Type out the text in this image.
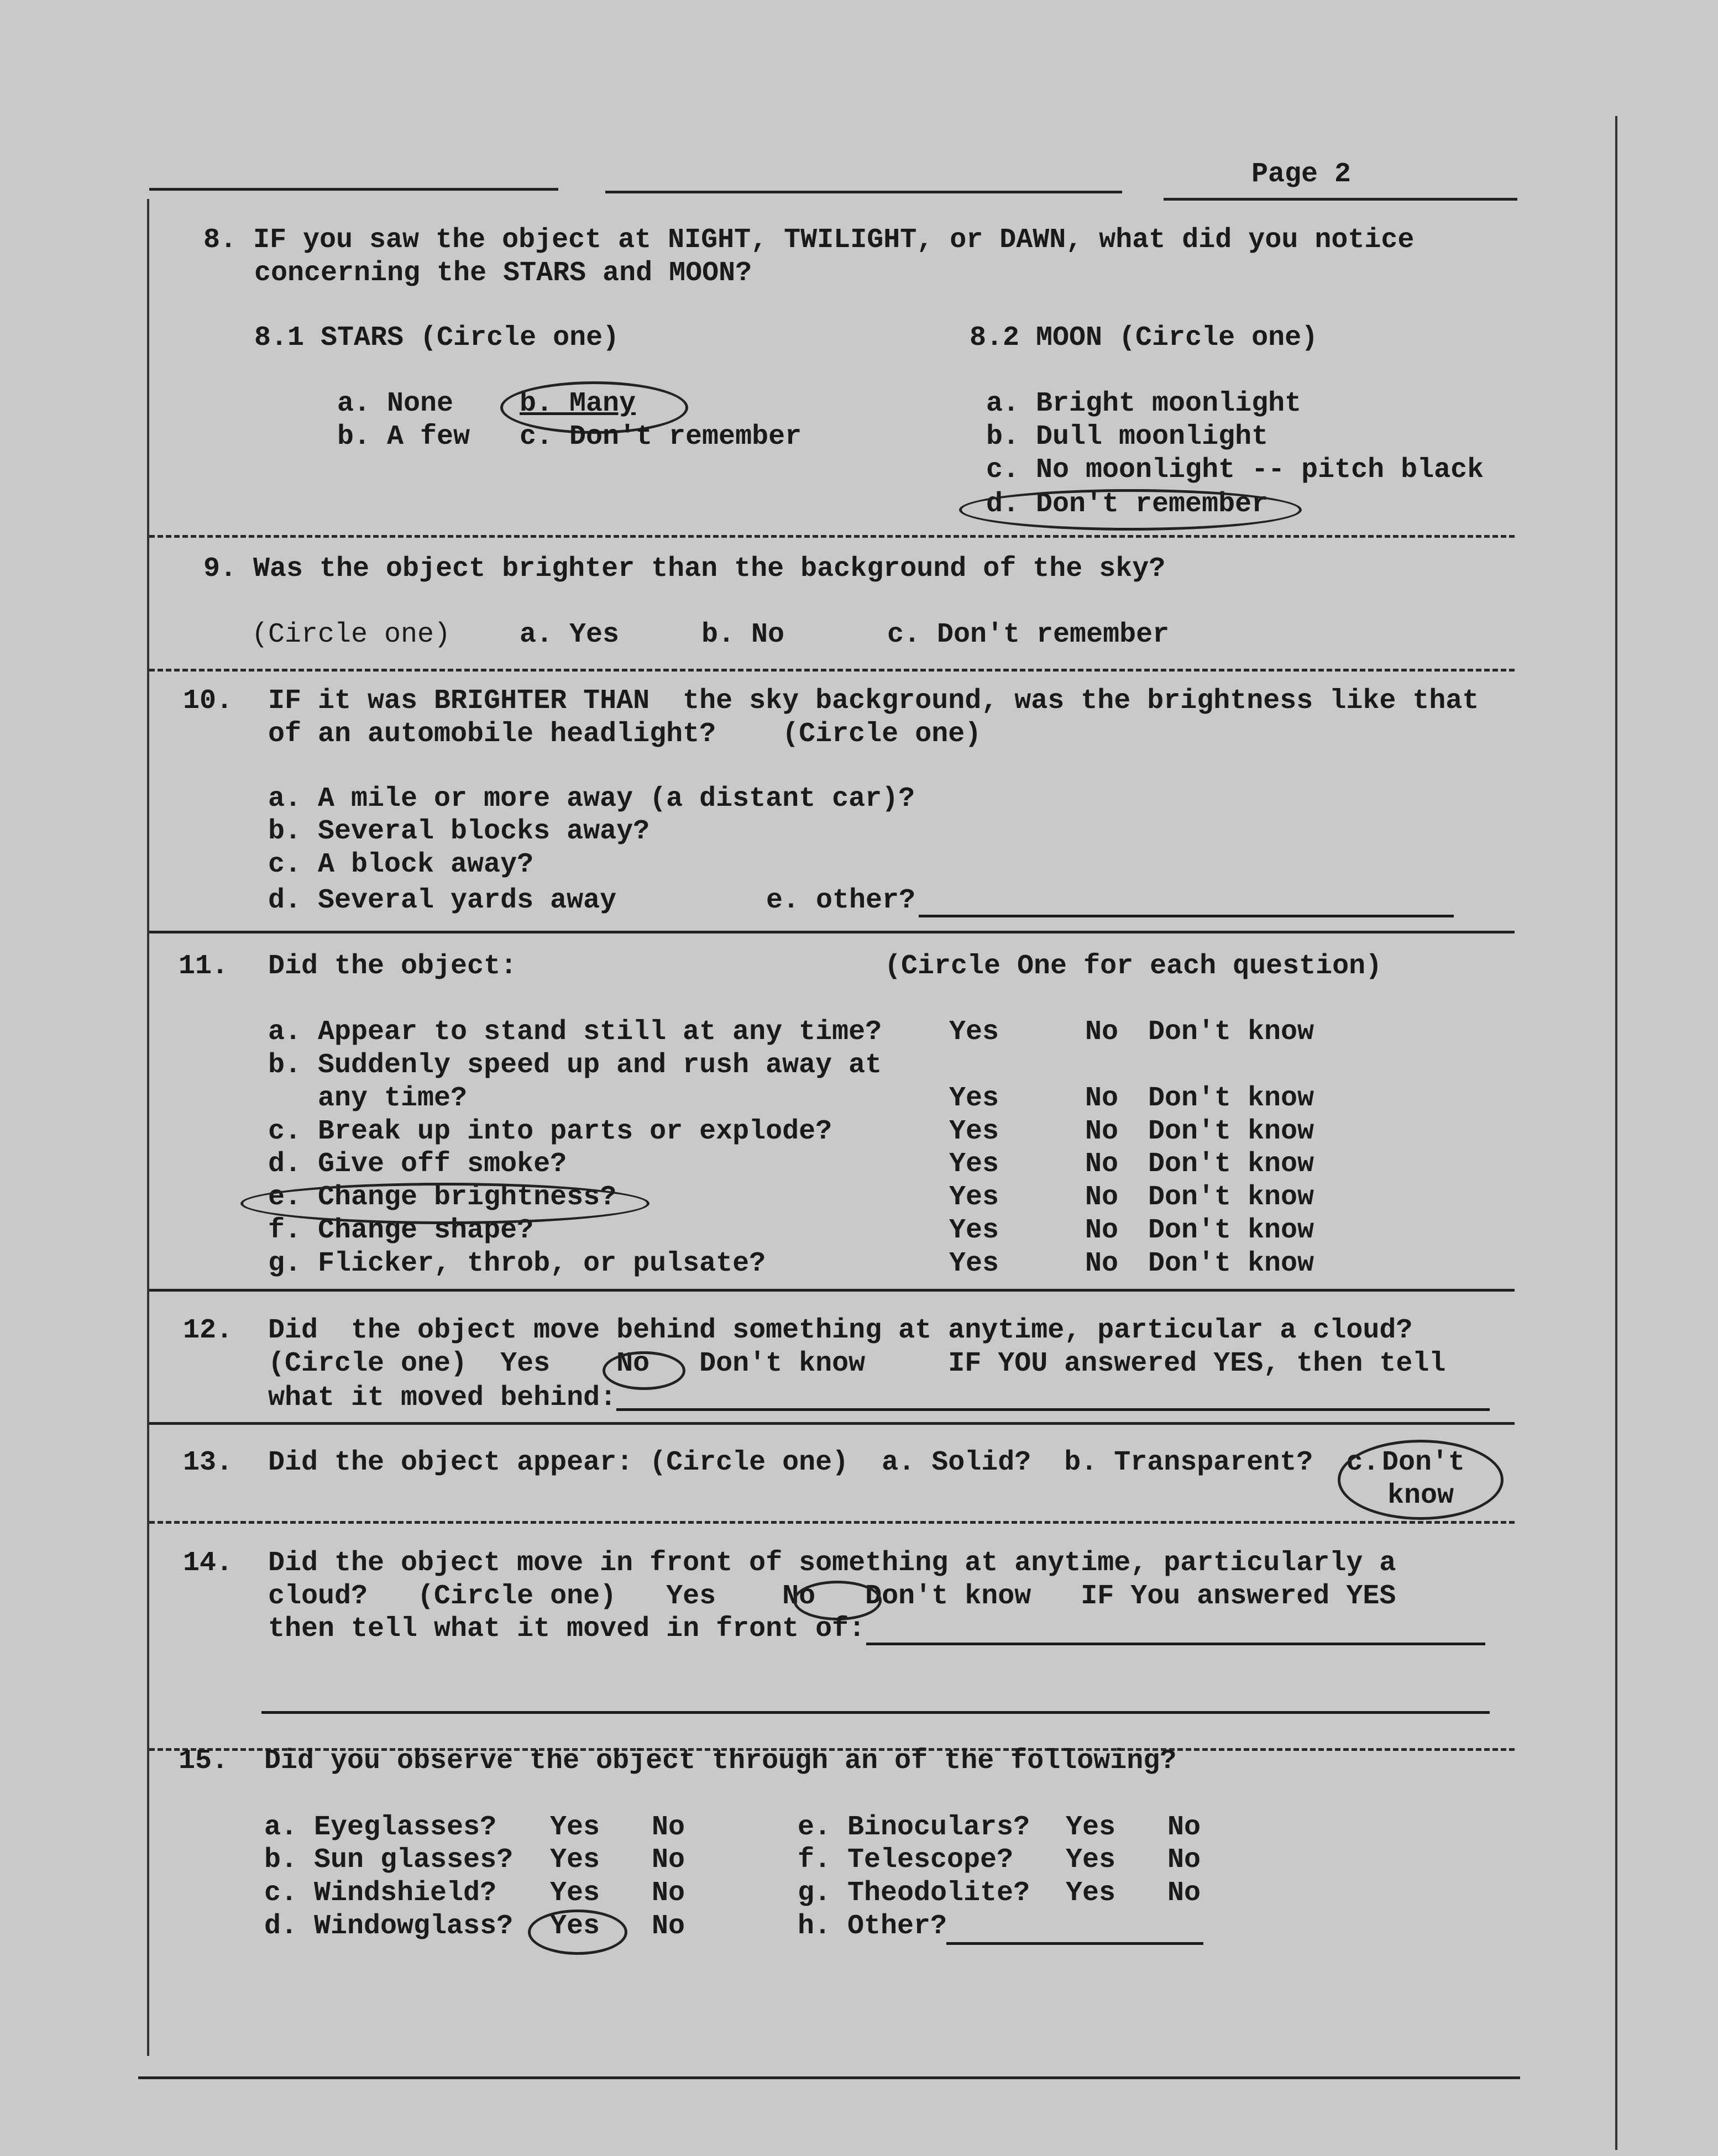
Page 2
8. IF you saw the object at NIGHT, TWILIGHT, or DAWN, what did you notice
concerning the STARS and MOON?
8.1 STARS (Circle one)	8.2 MOON (Circle one)
a. None b. Many
b. A few c. Don't remember
a. Bright moonlight
b. Dull moonlight
c. No moonlight -- pitch black
d. Don't remember
9. Was the object brighter than the background of the sky?
(Circle one) a. Yes	b. No	c. Don't remember
10. IF it was BRIGHTER THAN  the sky background, was the brightness like that
of an automobile headlight?    (Circle one)
a. A mile or more away (a distant car)?
b. Several blocks away?
c. A block away?
d. Several yards away	e. other?
11. Did the object:	(Circle One for each question)
a. Appear to stand still at any time? Yes	No Don't know
b. Suddenly speed up and rush away at
any time?	Yes	No Don't know
c. Break up into parts or explode?	Yes	No Don't know
d. Give off smoke?	Yes	No Don't know
e. Change brightness?	Yes	No Don't know
f. Change shape?	Yes	No Don't know
g. Flicker, throb, or pulsate?	Yes	No Don't know
12. Did  the object move behind something at anytime, particular a cloud?
(Circle one)  Yes    No   Don't know     IF YOU answered YES, then tell
what it moved behind:
13. Did the object appear: (Circle one)  a. Solid?  b. Transparent?  c. Don't
know
14. Did the object move in front of something at anytime, particularly a
cloud?   (Circle one)   Yes    No   Don't know   IF You answered YES
then tell what it moved in front of:
15. Did you observe the object through an of the following?
a. Eyeglasses? Yes No	e. Binoculars? Yes No
b. Sun glasses? Yes No	f. Telescope? Yes No
c. Windshield? Yes No	g. Theodolite? Yes No
d. Windowglass? Yes No	h. Other?
